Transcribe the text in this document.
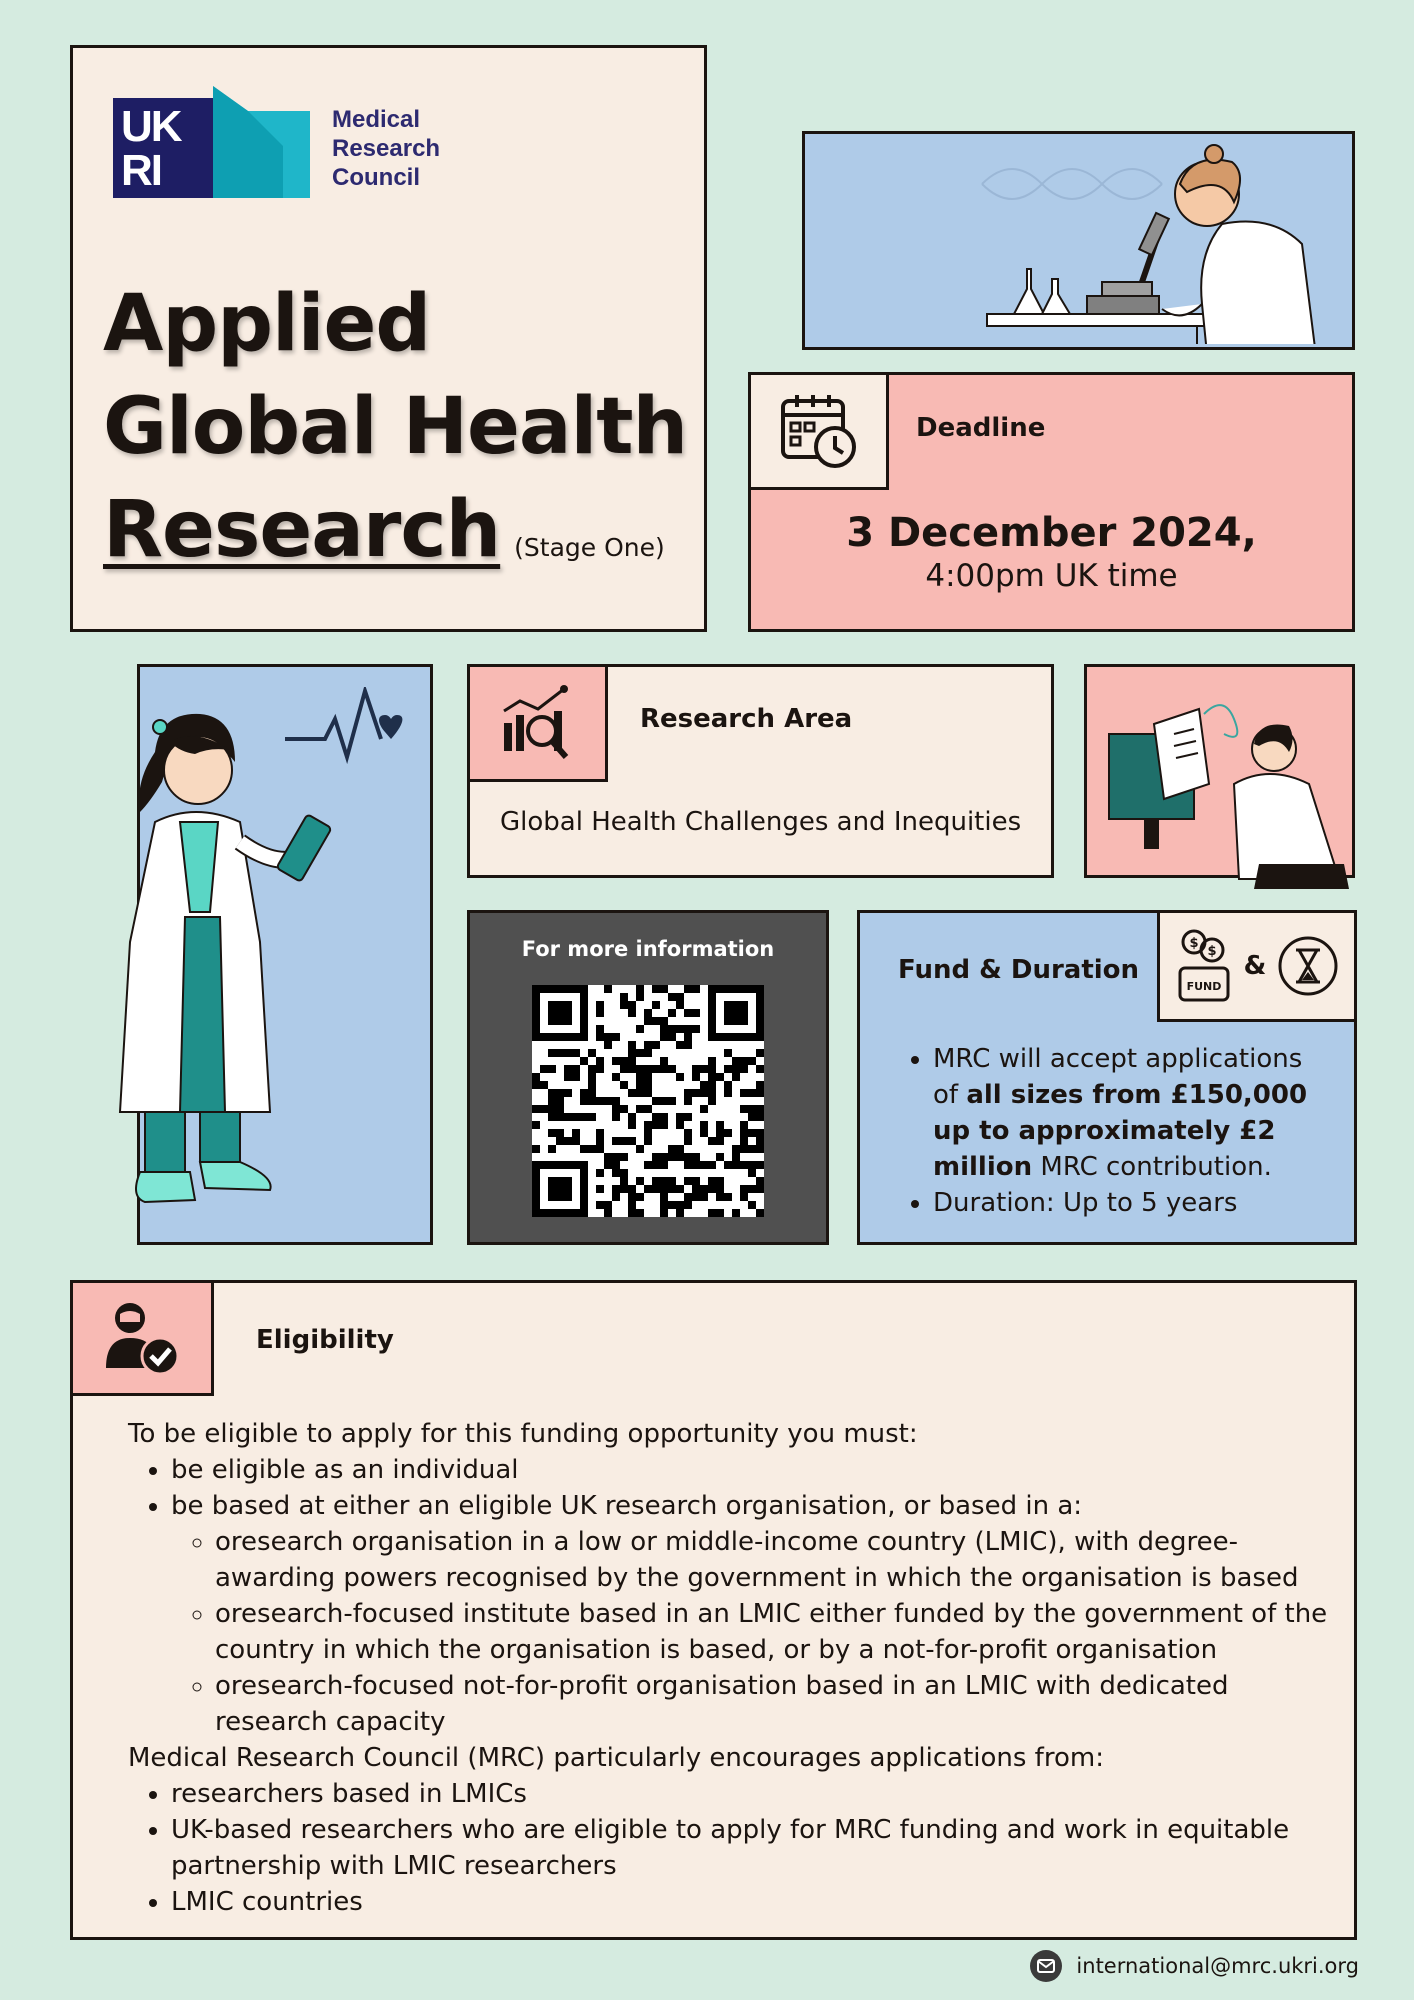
UK
RI
Medical
Research
Council
Applied
Global Health
Research (Stage One)
Deadline
3 December 2024,
4:00pm UK time
Research Area
Global Health Challenges and Inequities
For more information
Fund & Duration
$
$
FUND
&
• MRC will accept applications of all sizes from £150,000 up to approximately £2 million MRC contribution.
• Duration: Up to 5 years
Eligibility
To be eligible to apply for this funding opportunity you must:
• be eligible as an individual
• be based at either an eligible UK research organisation, or based in a:
◦ oresearch organisation in a low or middle-income country (LMIC), with degree-awarding powers recognised by the government in which the organisation is based
◦ oresearch-focused institute based in an LMIC either funded by the government of the country in which the organisation is based, or by a not-for-profit organisation
◦ oresearch-focused not-for-profit organisation based in an LMIC with dedicated research capacity
Medical Research Council (MRC) particularly encourages applications from:
• researchers based in LMICs
• UK-based researchers who are eligible to apply for MRC funding and work in equitable partnership with LMIC researchers
• LMIC countries
international@mrc.ukri.org
